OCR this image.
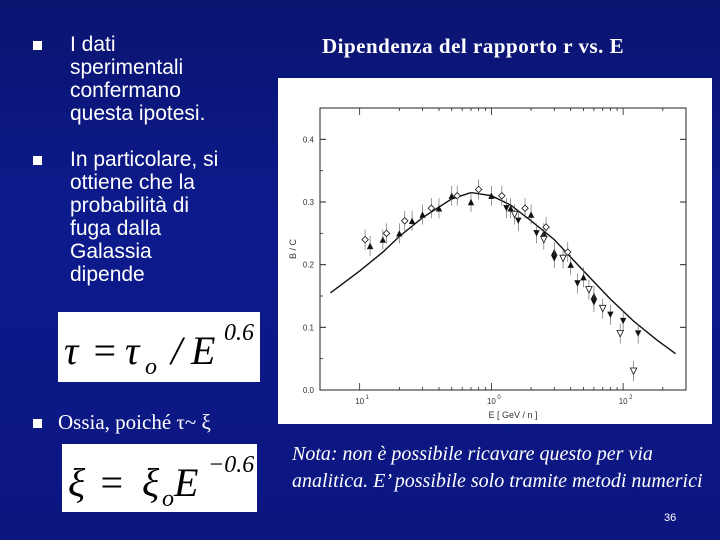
I dati
sperimentali
confermano
questa ipotesi.
In particolare, si
ottiene che la
probabilità di
fuga dalla
Galassia
dipende
τ = τ o / E 0.6
Ossia, poiché τ~ ξ
ξ = ξ o E −0.6
Dipendenza del rapporto r vs. E
0.0
0.1
0.2
0.3
0.4
10 1	10 0	10 2
E [ GeV / n ]
B / C
Nota: non è possibile ricavare questo per via analitica. E’ possibile solo tramite metodi numerici
36
